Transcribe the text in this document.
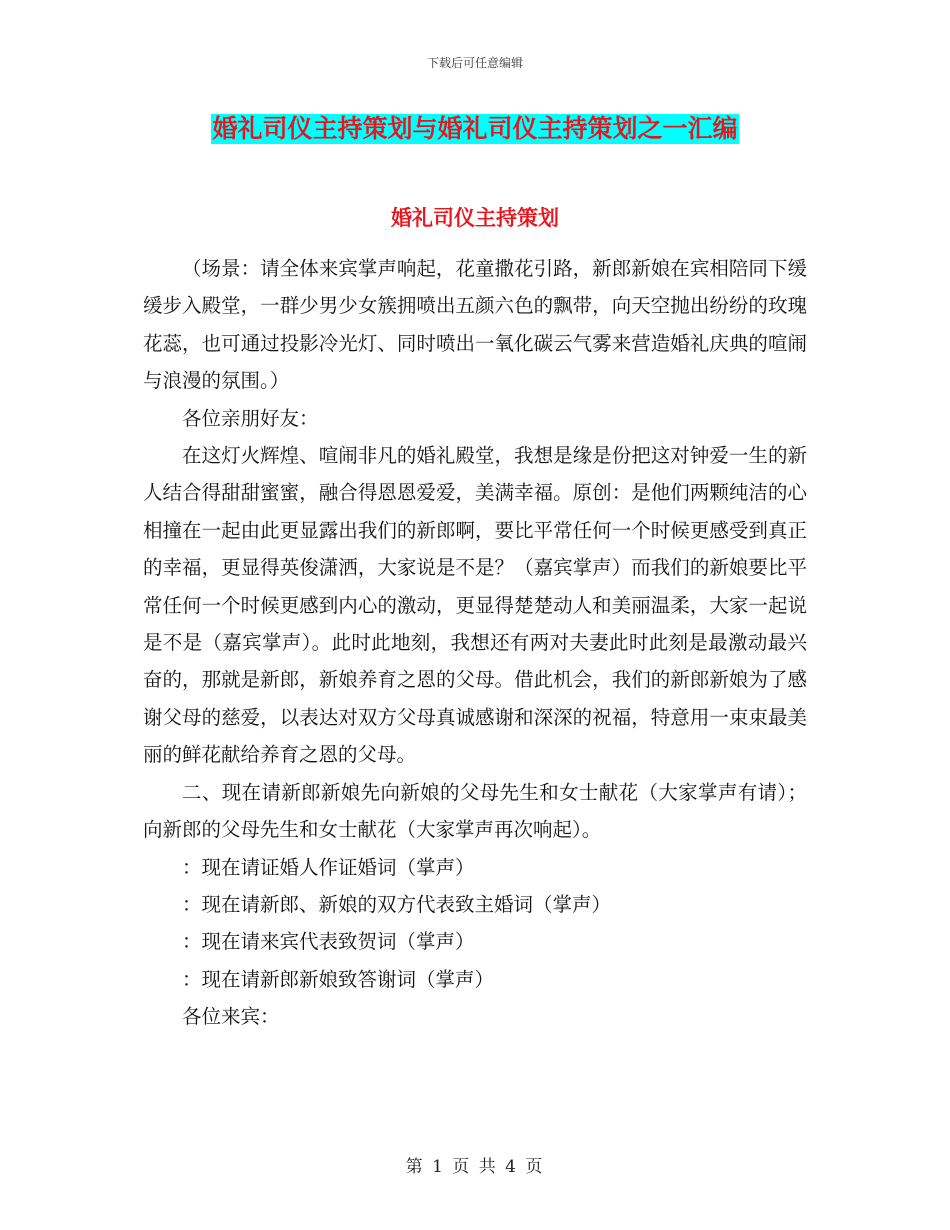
下载后可任意编辑
婚礼司仪主持策划与婚礼司仪主持策划之一汇编
婚礼司仪主持策划

（场景：请全体来宾掌声响起，花童撒花引路，新郎新娘在宾相陪同下缓缓步入殿堂，一群少男少女簇拥喷出五颜六色的飘带，向天空抛出纷纷的玫瑰花蕊，也可通过投影冷光灯、同时喷出一氧化碳云气雾来营造婚礼庆典的喧闹与浪漫的氛围。）

各位亲朋好友：

在这灯火辉煌、喧闹非凡的婚礼殿堂，我想是缘是份把这对钟爱一生的新人结合得甜甜蜜蜜，融合得恩恩爱爱，美满幸福。原创：是他们两颗纯洁的心相撞在一起由此更显露出我们的新郎啊，要比平常任何一个时候更感受到真正的幸福，更显得英俊潇洒，大家说是不是？（嘉宾掌声）而我们的新娘要比平常任何一个时候更感到内心的激动，更显得楚楚动人和美丽温柔，大家一起说是不是（嘉宾掌声）。此时此地刻，我想还有两对夫妻此时此刻是最激动最兴奋的，那就是新郎，新娘养育之恩的父母。借此机会，我们的新郎新娘为了感谢父母的慈爱，以表达对双方父母真诚感谢和深深的祝福，特意用一束束最美丽的鲜花献给养育之恩的父母。

二、现在请新郎新娘先向新娘的父母先生和女士献花（大家掌声有请）；向新郎的父母先生和女士献花（大家掌声再次响起）。

：现在请证婚人作证婚词（掌声）

：现在请新郎、新娘的双方代表致主婚词（掌声）

：现在请来宾代表致贺词（掌声）

：现在请新郎新娘致答谢词（掌声）

各位来宾：

第 1 页 共 4 页
